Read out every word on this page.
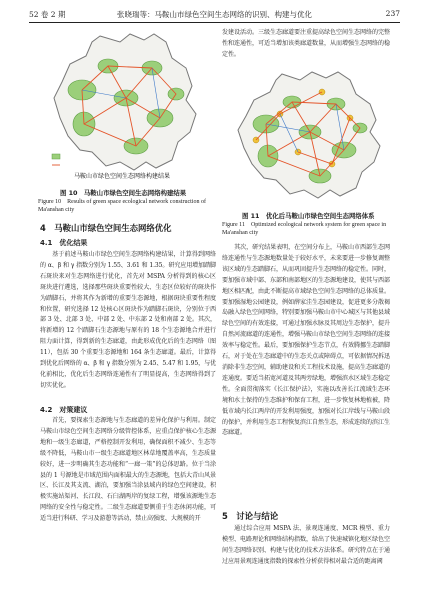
52 卷 2 期	张晓瑞等：马鞍山市绿色空间生态网络的识别、构建与优化	237
马鞍山市绿色空间生态网络构建结果
图 10　马鞍山市绿色空间生态网络构建结果
Figure 10　Results of green space ecological network construction of Ma'anshan city
4　马鞍山市绿色空间生态网络优化
4.1　优化结果

基于前述马鞍山市绿色空间生态网络构建结果，计算得到网络的 α、β 和 γ 指数分别为 1.55、3.61 和 1.35。研究应用增加踏脚石斑块来对生态网络进行优化，首先对 MSPA 分析得到的核心区斑块进行遴选，选择那些斑块重要性较大、生态区位较好的斑块作为踏脚石，并将其作为新增的重要生态源地，根据斑块重要性程度和位置，研究选择 12 处核心区斑块作为踏脚石斑块，分别位于西部 3 处、北部 3 处、中部 2 处、中东部 2 处和南部 2 处。其次，将新增的 12 个踏脚石生态源地与原有的 18 个生态源地合并进行阻力面计算，得到新的生态廊道，由此形成优化后的生态网络（图 11），包括 30 个重要生态源地和 164 条生态廊道。最后，计算得到优化后网络的 α、β 和 γ 指数分别为 2.45、5.47 和 1.95，与优化前相比，优化后生态网络连通性有了明显提高，生态网络得到了切实优化。

4.2　对策建议

首先，要探索生态源地与生态廊道的差异化保护与利用。制定马鞍山市绿色空间生态网络分级管控体系，应重点保护核心生态源地和一级生态廊道，严格控制开发利用，确保面积不减少、生态等级不降低，马鞍山市一级生态廊道地区林草地覆盖率高，生态质量较好，进一步明确其生态功能和“一廊一策”的总体思路。位于当涂县的 1 号源地是市域范围内面积最大的生态源地，包括大青山风景区、长江及其支流、湖泊，要加强当涂县域内的绿色空间建设，积极实施站渠河、长江段、石臼湖两岸的复绿工程，增强该源地生态网络的安全性与稳定性。二级生态廊道要侧重于生态休闲功能，可适当进行科研、学习及游憩等活动，禁止高强度、大规模的开

发建设活动。三级生态廊道要注重提高绿色空间生态网络的完整性和连通性，可适当增加该类廊道数量，从而增强生态网络的稳定性。

图 11　优化后马鞍山市绿色空间生态网络体系
Figure 11　Optimized ecological network system for green space in Ma'anshan city

其次，研究结果表明，在空间分布上，马鞍山市西部生态网络连通性与生态源地数量处于较好水平，未来要进一步修复调整该区域的生态踏脚石，从而巩固提升生态网络的稳定性。同时，要加强市域中部、东部和南部地区的生态源地建设，使其与西部地区相匹配，由此不断提高市域绿色空间生态网络的总体质量。要加强湿地公园建设，例如薛家洼生态园建设，促进更多分散褐岛融入绿色空间网络，特别要加强马鞍山市中心城区与其他县域绿色空间的有效连接，可通过加强水脉及其周边生态保护，提升自然河流廊道的连通性，增强马鞍山市绿色空间生态网络的连接效率与稳定性。最后，要加强保护生态节点，有效腾挪生态踏脚石，对于处在生态廊道中的生态关点或障碍点，可依据情况拆迅消除非生态空间，辅助建设和关工程技术设施，提高生态廊道的连通度。要适当拓宽河道及其两旁绿地，增强滨水区域生态稳定性。全面贯彻落实《长江保护法》，实施以改善长江流域生态环境和水土保持的生态维护和保育工程，进一步恢复林地植被，降低市域内长江两岸的开发利用强度，加强对长江岸线与马鞍山段的保护，并利用生态工程恢复滨江自然生态，形成连续的滨江生态廊道。

5　讨论与结论

通过综合应用 MSPA 法、景观连通度、MCR 模型、重力模型、电路理论和网络结构指数，给出了快速城镇化地区绿色空间生态网络识别、构建与优化的技术方法体系。研究特点在于通过应用景观连通度指数的探索性分析获得相对最合适的距离阈
